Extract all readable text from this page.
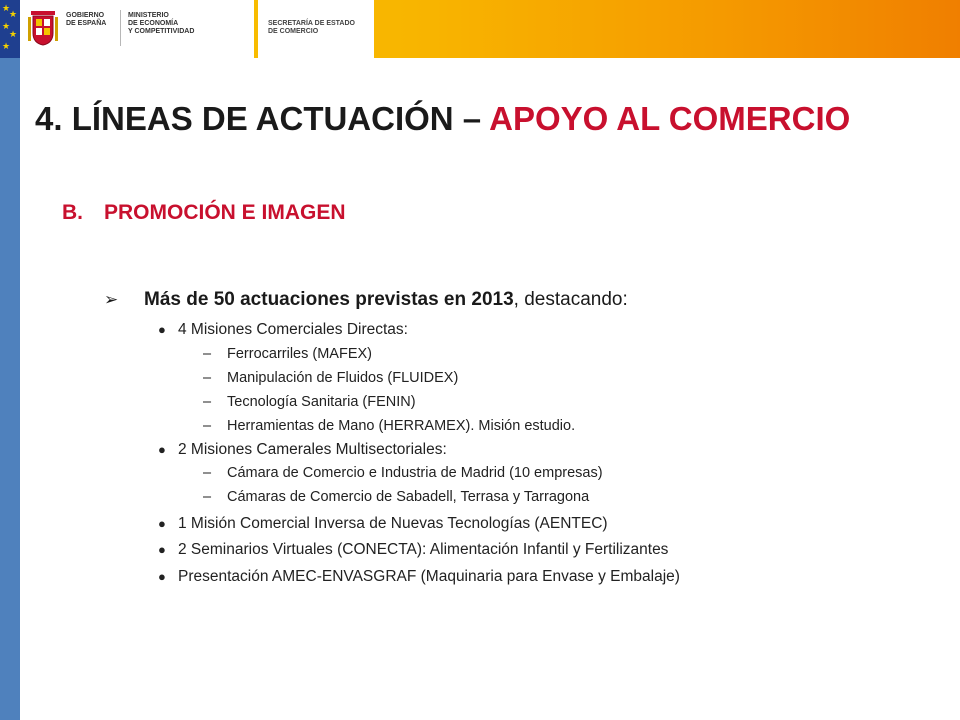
★
★
★
★
★
GOBIERNO
DE ESPAÑA
MINISTERIO
DE ECONOMÍA
Y COMPETITIVIDAD
SECRETARÍA DE ESTADO
DE COMERCIO
4. LÍNEAS DE ACTUACIÓN – APOYO AL COMERCIO
B. PROMOCIÓN E IMAGEN
➢ Más de 50 actuaciones previstas en 2013, destacando:
● 4 Misiones Comerciales Directas:
– Ferrocarriles (MAFEX)
– Manipulación de Fluidos (FLUIDEX)
– Tecnología Sanitaria (FENIN)
– Herramientas de Mano (HERRAMEX). Misión estudio.
● 2 Misiones Camerales Multisectoriales:
– Cámara de Comercio e Industria de Madrid (10 empresas)
– Cámaras de Comercio de Sabadell, Terrasa y Tarragona
● 1 Misión Comercial Inversa de Nuevas Tecnologías (AENTEC)
● 2 Seminarios Virtuales (CONECTA): Alimentación Infantil y Fertilizantes
● Presentación AMEC-ENVASGRAF (Maquinaria para Envase y Embalaje)
